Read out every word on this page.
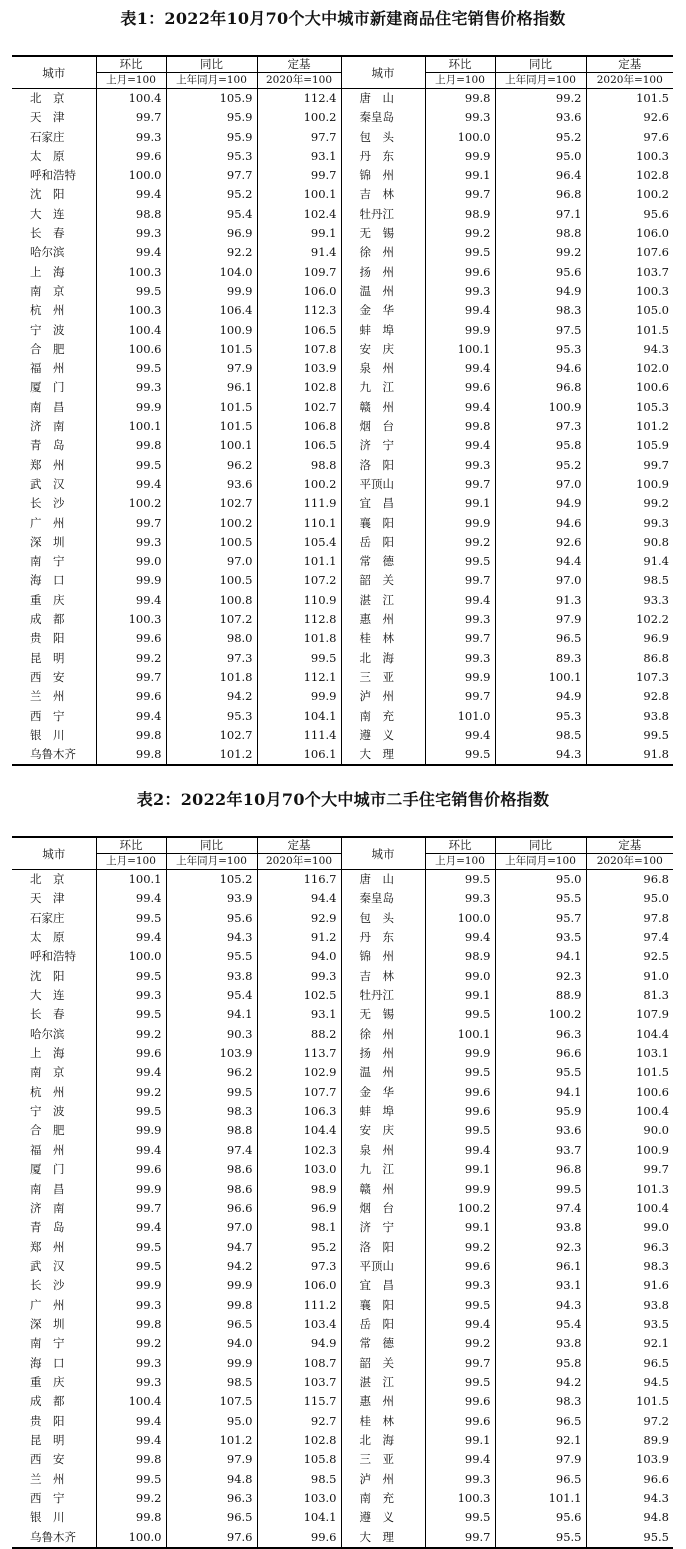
表1：2022年10月70个大中城市新建商品住宅销售价格指数
城市	环比	同比	定基	城市	环比	同比	定基
	上月=100	上年同月=100	2020年=100		上月=100	上年同月=100	2020年=100
北　京	100.4	105.9	112.4	唐　山	99.8	99.2	101.5
天　津	99.7	95.9	100.2	秦皇岛	99.3	93.6	92.6
石家庄	99.3	95.9	97.7	包　头	100.0	95.2	97.6
太　原	99.6	95.3	93.1	丹　东	99.9	95.0	100.3
呼和浩特	100.0	97.7	99.7	锦　州	99.1	96.4	102.8
沈　阳	99.4	95.2	100.1	吉　林	99.7	96.8	100.2
大　连	98.8	95.4	102.4	牡丹江	98.9	97.1	95.6
长　春	99.3	96.9	99.1	无　锡	99.2	98.8	106.0
哈尔滨	99.4	92.2	91.4	徐　州	99.5	99.2	107.6
上　海	100.3	104.0	109.7	扬　州	99.6	95.6	103.7
南　京	99.5	99.9	106.0	温　州	99.3	94.9	100.3
杭　州	100.3	106.4	112.3	金　华	99.4	98.3	105.0
宁　波	100.4	100.9	106.5	蚌　埠	99.9	97.5	101.5
合　肥	100.6	101.5	107.8	安　庆	100.1	95.3	94.3
福　州	99.5	97.9	103.9	泉　州	99.4	94.6	102.0
厦　门	99.3	96.1	102.8	九　江	99.6	96.8	100.6
南　昌	99.9	101.5	102.7	赣　州	99.4	100.9	105.3
济　南	100.1	101.5	106.8	烟　台	99.8	97.3	101.2
青　岛	99.8	100.1	106.5	济　宁	99.4	95.8	105.9
郑　州	99.5	96.2	98.8	洛　阳	99.3	95.2	99.7
武　汉	99.4	93.6	100.2	平顶山	99.7	97.0	100.9
长　沙	100.2	102.7	111.9	宜　昌	99.1	94.9	99.2
广　州	99.7	100.2	110.1	襄　阳	99.9	94.6	99.3
深　圳	99.3	100.5	105.4	岳　阳	99.2	92.6	90.8
南　宁	99.0	97.0	101.1	常　德	99.5	94.4	91.4
海　口	99.9	100.5	107.2	韶　关	99.7	97.0	98.5
重　庆	99.4	100.8	110.9	湛　江	99.4	91.3	93.3
成　都	100.3	107.2	112.8	惠　州	99.3	97.9	102.2
贵　阳	99.6	98.0	101.8	桂　林	99.7	96.5	96.9
昆　明	99.2	97.3	99.5	北　海	99.3	89.3	86.8
西　安	99.7	101.8	112.1	三　亚	99.9	100.1	107.3
兰　州	99.6	94.2	99.9	泸　州	99.7	94.9	92.8
西　宁	99.4	95.3	104.1	南　充	101.0	95.3	93.8
银　川	99.8	102.7	111.4	遵　义	99.4	98.5	99.5
乌鲁木齐	99.8	101.2	106.1	大　理	99.5	94.3	91.8
表2：2022年10月70个大中城市二手住宅销售价格指数
城市	环比	同比	定基	城市	环比	同比	定基
	上月=100	上年同月=100	2020年=100		上月=100	上年同月=100	2020年=100
北　京	100.1	105.2	116.7	唐　山	99.5	95.0	96.8
天　津	99.4	93.9	94.4	秦皇岛	99.3	95.5	95.0
石家庄	99.5	95.6	92.9	包　头	100.0	95.7	97.8
太　原	99.4	94.3	91.2	丹　东	99.4	93.5	97.4
呼和浩特	100.0	95.5	94.0	锦　州	98.9	94.1	92.5
沈　阳	99.5	93.8	99.3	吉　林	99.0	92.3	91.0
大　连	99.3	95.4	102.5	牡丹江	99.1	88.9	81.3
长　春	99.5	94.1	93.1	无　锡	99.5	100.2	107.9
哈尔滨	99.2	90.3	88.2	徐　州	100.1	96.3	104.4
上　海	99.6	103.9	113.7	扬　州	99.9	96.6	103.1
南　京	99.4	96.2	102.9	温　州	99.5	95.5	101.5
杭　州	99.2	99.5	107.7	金　华	99.6	94.1	100.6
宁　波	99.5	98.3	106.3	蚌　埠	99.6	95.9	100.4
合　肥	99.9	98.8	104.4	安　庆	99.5	93.6	90.0
福　州	99.4	97.4	102.3	泉　州	99.4	93.7	100.9
厦　门	99.6	98.6	103.0	九　江	99.1	96.8	99.7
南　昌	99.9	98.6	98.9	赣　州	99.9	99.5	101.3
济　南	99.7	96.6	96.9	烟　台	100.2	97.4	100.4
青　岛	99.4	97.0	98.1	济　宁	99.1	93.8	99.0
郑　州	99.5	94.7	95.2	洛　阳	99.2	92.3	96.3
武　汉	99.5	94.2	97.3	平顶山	99.6	96.1	98.3
长　沙	99.9	99.9	106.0	宜　昌	99.3	93.1	91.6
广　州	99.3	99.8	111.2	襄　阳	99.5	94.3	93.8
深　圳	99.8	96.5	103.4	岳　阳	99.4	95.4	93.5
南　宁	99.2	94.0	94.9	常　德	99.2	93.8	92.1
海　口	99.3	99.9	108.7	韶　关	99.7	95.8	96.5
重　庆	99.3	98.5	103.7	湛　江	99.5	94.2	94.5
成　都	100.4	107.5	115.7	惠　州	99.6	98.3	101.5
贵　阳	99.4	95.0	92.7	桂　林	99.6	96.5	97.2
昆　明	99.4	101.2	102.8	北　海	99.1	92.1	89.9
西　安	99.8	97.9	105.8	三　亚	99.4	97.9	103.9
兰　州	99.5	94.8	98.5	泸　州	99.3	96.5	96.6
西　宁	99.2	96.3	103.0	南　充	100.3	101.1	94.3
银　川	99.8	96.5	104.1	遵　义	99.5	95.6	94.8
乌鲁木齐	100.0	97.6	99.6	大　理	99.7	95.5	95.5
